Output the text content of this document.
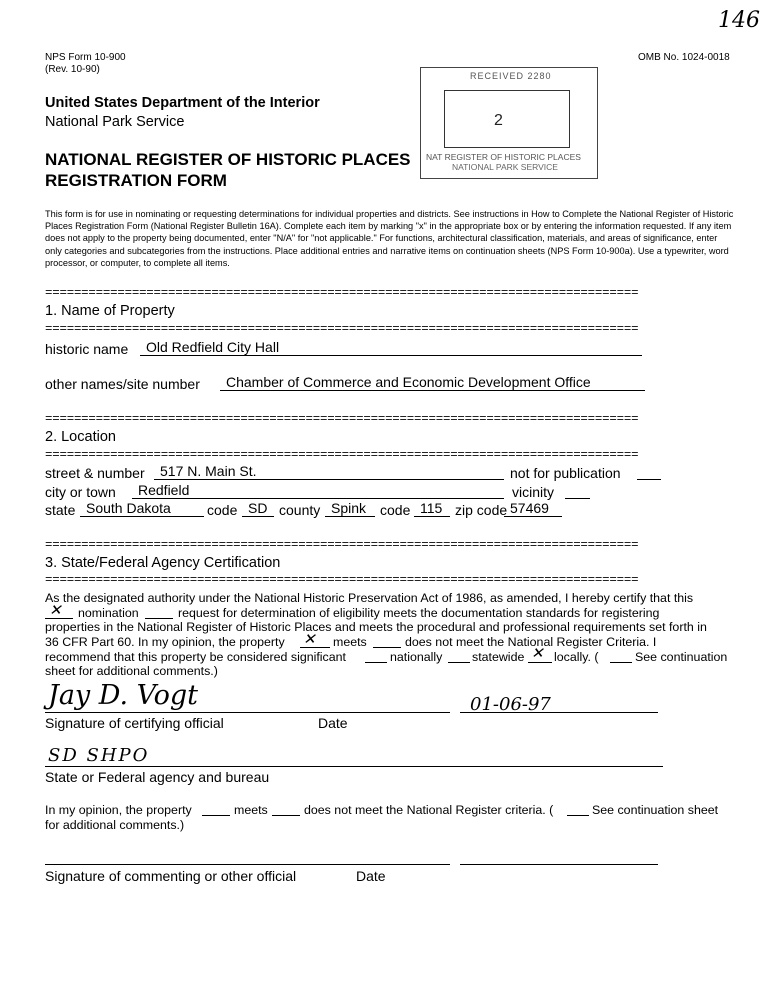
146
NPS Form 10-900
(Rev. 10-90)
OMB No. 1024-0018
United States Department of the Interior
National Park Service
NATIONAL REGISTER OF HISTORIC PLACES
REGISTRATION FORM
RECEIVED 2280
2
NAT REGISTER OF HISTORIC PLACES
NATIONAL PARK SERVICE
This form is for use in nominating or requesting determinations for individual properties and districts. See instructions in How to Complete the National Register of Historic Places Registration Form (National Register Bulletin 16A). Complete each item by marking "x" in the appropriate box or by entering the information requested. If any item does not apply to the property being documented, enter "N/A" for "not applicable." For functions, architectural classification, materials, and areas of significance, enter only categories and subcategories from the instructions. Place additional entries and narrative items on continuation sheets (NPS Form 10-900a). Use a typewriter, word processor, or computer, to complete all items.
==================================================================================
1. Name of Property
==================================================================================
historic name	Old Redfield City Hall
other names/site number	Chamber of Commerce and Economic Development Office
==================================================================================
2. Location
==================================================================================
street & number	517 N. Main St.	not for publication
city or town	Redfield	vicinity
state South Dakota	code SD county Spink code 115 zip code 57469
==================================================================================
3. State/Federal Agency Certification
==================================================================================
As the designated authority under the National Historic Preservation Act of 1986, as amended, I hereby certify that this
✕ nomination	request for determination of eligibility meets the documentation standards for registering
properties in the National Register of Historic Places and meets the procedural and professional requirements set forth in
36 CFR Part 60. In my opinion, the property ✕ meets	does not meet the National Register Criteria. I
recommend that this property be considered significant	nationally statewide ✕ locally. (	See continuation
sheet for additional comments.)
Jay D. Vogt	01-06-97
Signature of certifying official	Date
SD SHPO
State or Federal agency and bureau
In my opinion, the property	meets	does not meet the National Register criteria. (	See continuation sheet
for additional comments.)
Signature of commenting or other official	Date
